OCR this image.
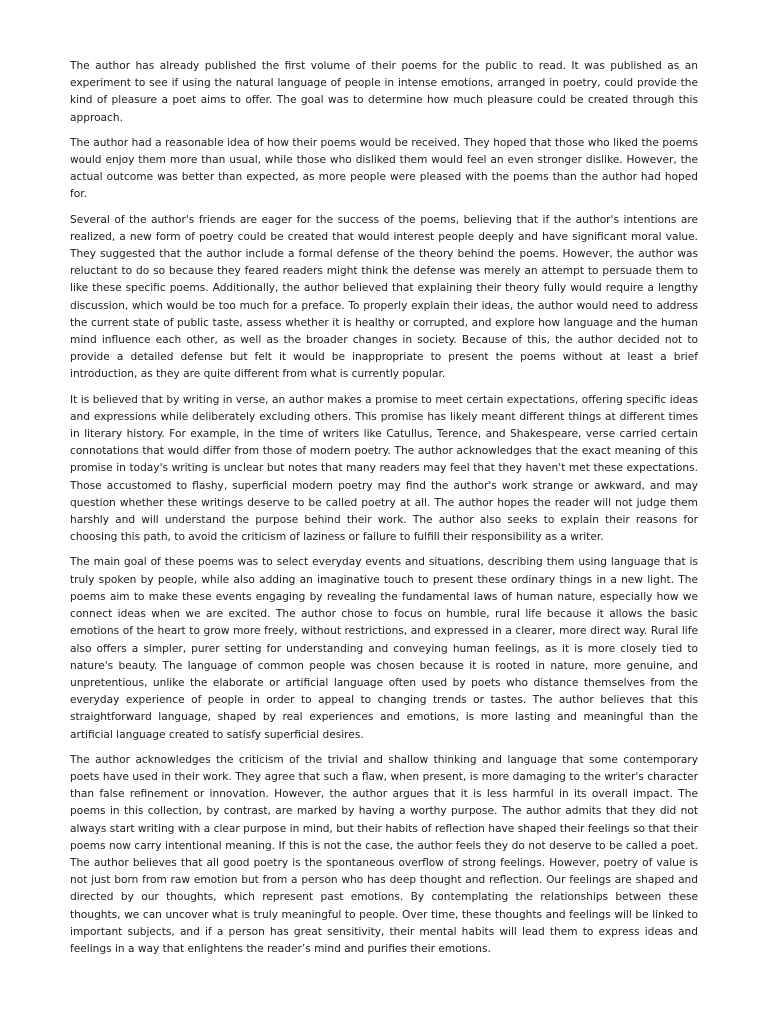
The author has already published the first volume of their poems for the public to read. It was published as an experiment to see if using the natural language of people in intense emotions, arranged in poetry, could provide the kind of pleasure a poet aims to offer. The goal was to determine how much pleasure could be created through this approach.

The author had a reasonable idea of how their poems would be received. They hoped that those who liked the poems would enjoy them more than usual, while those who disliked them would feel an even stronger dislike. However, the actual outcome was better than expected, as more people were pleased with the poems than the author had hoped for.

Several of the author's friends are eager for the success of the poems, believing that if the author's intentions are realized, a new form of poetry could be created that would interest people deeply and have significant moral value. They suggested that the author include a formal defense of the theory behind the poems. However, the author was reluctant to do so because they feared readers might think the defense was merely an attempt to persuade them to like these specific poems. Additionally, the author believed that explaining their theory fully would require a lengthy discussion, which would be too much for a preface. To properly explain their ideas, the author would need to address the current state of public taste, assess whether it is healthy or corrupted, and explore how language and the human mind influence each other, as well as the broader changes in society. Because of this, the author decided not to provide a detailed defense but felt it would be inappropriate to present the poems without at least a brief introduction, as they are quite different from what is currently popular.

It is believed that by writing in verse, an author makes a promise to meet certain expectations, offering specific ideas and expressions while deliberately excluding others. This promise has likely meant different things at different times in literary history. For example, in the time of writers like Catullus, Terence, and Shakespeare, verse carried certain connotations that would differ from those of modern poetry. The author acknowledges that the exact meaning of this promise in today's writing is unclear but notes that many readers may feel that they haven't met these expectations. Those accustomed to flashy, superficial modern poetry may find the author's work strange or awkward, and may question whether these writings deserve to be called poetry at all. The author hopes the reader will not judge them harshly and will understand the purpose behind their work. The author also seeks to explain their reasons for choosing this path, to avoid the criticism of laziness or failure to fulfill their responsibility as a writer.

The main goal of these poems was to select everyday events and situations, describing them using language that is truly spoken by people, while also adding an imaginative touch to present these ordinary things in a new light. The poems aim to make these events engaging by revealing the fundamental laws of human nature, especially how we connect ideas when we are excited. The author chose to focus on humble, rural life because it allows the basic emotions of the heart to grow more freely, without restrictions, and expressed in a clearer, more direct way. Rural life also offers a simpler, purer setting for understanding and conveying human feelings, as it is more closely tied to nature's beauty. The language of common people was chosen because it is rooted in nature, more genuine, and unpretentious, unlike the elaborate or artificial language often used by poets who distance themselves from the everyday experience of people in order to appeal to changing trends or tastes. The author believes that this straightforward language, shaped by real experiences and emotions, is more lasting and meaningful than the artificial language created to satisfy superficial desires.

The author acknowledges the criticism of the trivial and shallow thinking and language that some contemporary poets have used in their work. They agree that such a flaw, when present, is more damaging to the writer's character than false refinement or innovation. However, the author argues that it is less harmful in its overall impact. The poems in this collection, by contrast, are marked by having a worthy purpose. The author admits that they did not always start writing with a clear purpose in mind, but their habits of reflection have shaped their feelings so that their poems now carry intentional meaning. If this is not the case, the author feels they do not deserve to be called a poet. The author believes that all good poetry is the spontaneous overflow of strong feelings. However, poetry of value is not just born from raw emotion but from a person who has deep thought and reflection. Our feelings are shaped and directed by our thoughts, which represent past emotions. By contemplating the relationships between these thoughts, we can uncover what is truly meaningful to people. Over time, these thoughts and feelings will be linked to important subjects, and if a person has great sensitivity, their mental habits will lead them to express ideas and feelings in a way that enlightens the reader’s mind and purifies their emotions.
